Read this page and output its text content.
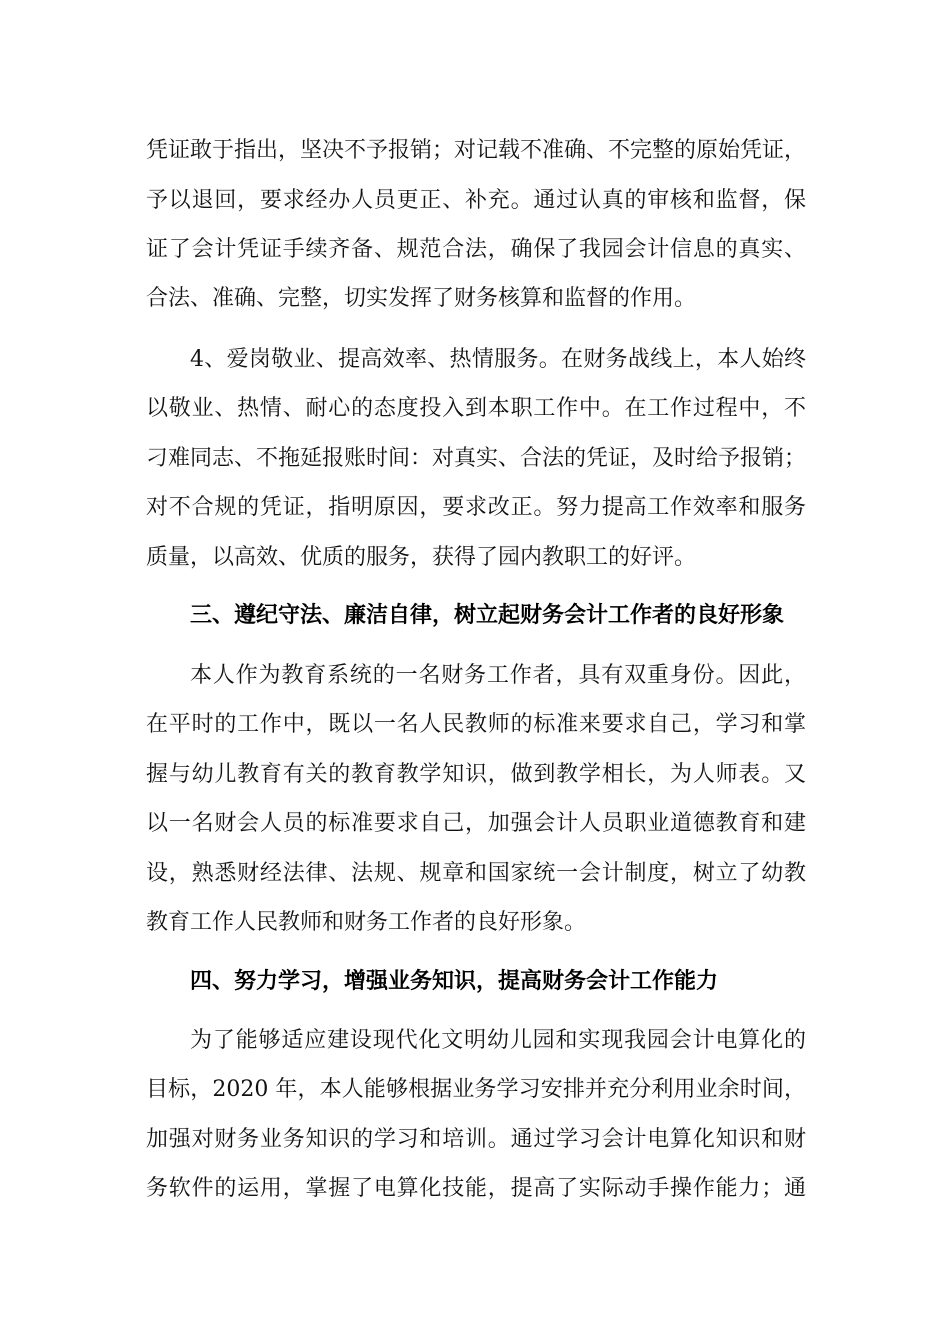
凭证敢于指出，坚决不予报销；对记载不准确、不完整的原始凭证，
予以退回，要求经办人员更正、补充。通过认真的审核和监督，保
证了会计凭证手续齐备、规范合法，确保了我园会计信息的真实、
合法、准确、完整，切实发挥了财务核算和监督的作用。
4、爱岗敬业、提高效率、热情服务。在财务战线上，本人始终
以敬业、热情、耐心的态度投入到本职工作中。在工作过程中，不
刁难同志、不拖延报账时间：对真实、合法的凭证，及时给予报销；
对不合规的凭证，指明原因，要求改正。努力提高工作效率和服务
质量，以高效、优质的服务，获得了园内教职工的好评。
三、遵纪守法、廉洁自律，树立起财务会计工作者的良好形象
本人作为教育系统的一名财务工作者，具有双重身份。因此，
在平时的工作中，既以一名人民教师的标准来要求自己，学习和掌
握与幼儿教育有关的教育教学知识，做到教学相长，为人师表。又
以一名财会人员的标准要求自己，加强会计人员职业道德教育和建
设，熟悉财经法律、法规、规章和国家统一会计制度，树立了幼教
教育工作人民教师和财务工作者的良好形象。
四、努力学习，增强业务知识，提高财务会计工作能力
为了能够适应建设现代化文明幼儿园和实现我园会计电算化的
目标，2020 年，本人能够根据业务学习安排并充分利用业余时间，
加强对财务业务知识的学习和培训。通过学习会计电算化知识和财
务软件的运用，掌握了电算化技能，提高了实际动手操作能力；通
